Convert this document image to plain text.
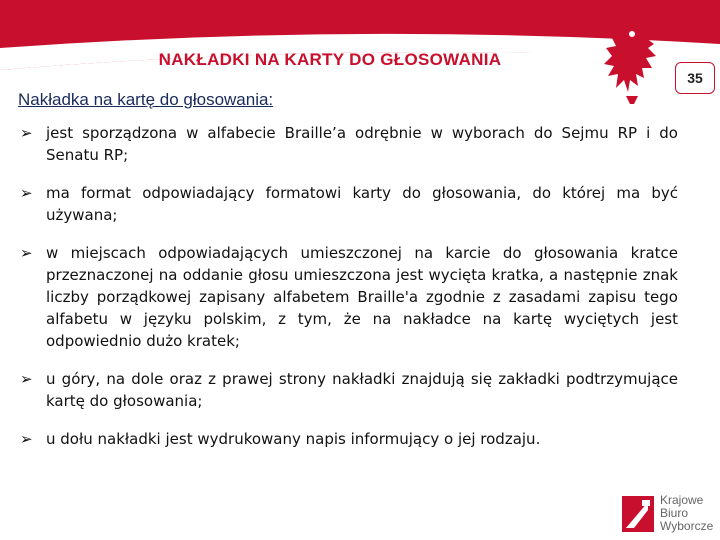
NAKŁADKI NA KARTY DO GŁOSOWANIA
35
Nakładka na kartę do głosowania:
➢ jest sporządzona w alfabecie Braille’a odrębnie w wyborach do Sejmu RP i do Senatu RP;
➢ ma format odpowiadający formatowi karty do głosowania, do której ma być używana;
➢ w miejscach odpowiadających umieszczonej na karcie do głosowania kratce przeznaczonej na oddanie głosu umieszczona jest wycięta kratka, a następnie znak liczby porządkowej zapisany alfabetem Braille'a zgodnie z zasadami zapisu tego alfabetu w języku polskim, z tym, że na nakładce na kartę wyciętych jest odpowiednio dużo kratek;
➢ u góry, na dole oraz z prawej strony nakładki znajdują się zakładki podtrzymujące kartę do głosowania;
➢ u dołu nakładki jest wydrukowany napis informujący o jej rodzaju.
Krajowe
Biuro
Wyborcze
